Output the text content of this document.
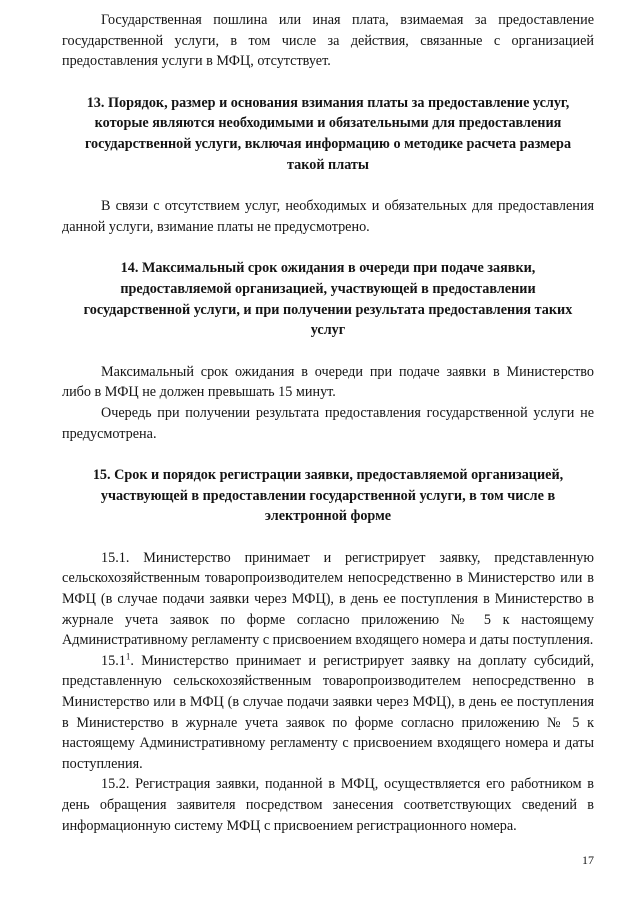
Государственная пошлина или иная плата, взимаемая за предоставление государственной услуги, в том числе за действия, связанные с организацией предоставления услуги в МФЦ, отсутствует.

13. Порядок, размер и основания взимания платы за предоставление услуг, которые являются необходимыми и обязательными для предоставления государственной услуги, включая информацию о методике расчета размера такой платы

В связи с отсутствием услуг, необходимых и обязательных для предоставления данной услуги, взимание платы не предусмотрено.

14. Максимальный срок ожидания в очереди при подаче заявки, предоставляемой организацией, участвующей в предоставлении государственной услуги, и при получении результата предоставления таких услуг

Максимальный срок ожидания в очереди при подаче заявки в Министерство либо в МФЦ не должен превышать 15 минут.

Очередь при получении результата предоставления государственной услуги не предусмотрена.

15. Срок и порядок регистрации заявки, предоставляемой организацией, участвующей в предоставлении государственной услуги, в том числе в электронной форме

15.1. Министерство принимает и регистрирует заявку, представленную сельскохозяйственным товаропроизводителем непосредственно в Министерство или в МФЦ (в случае подачи заявки через МФЦ), в день ее поступления в Министерство в журнале учета заявок по форме согласно приложению № 5 к настоящему Административному регламенту с присвоением входящего номера и даты поступления.

15.1$^1$. Министерство принимает и регистрирует заявку на доплату субсидий, представленную сельскохозяйственным товаропроизводителем непосредственно в Министерство или в МФЦ (в случае подачи заявки через МФЦ), в день ее поступления в Министерство в журнале учета заявок по форме согласно приложению № 5 к настоящему Административному регламенту с присвоением входящего номера и даты поступления.

15.2. Регистрация заявки, поданной в МФЦ, осуществляется его работником в день обращения заявителя посредством занесения соответствующих сведений в информационную систему МФЦ с присвоением регистрационного номера.

17
